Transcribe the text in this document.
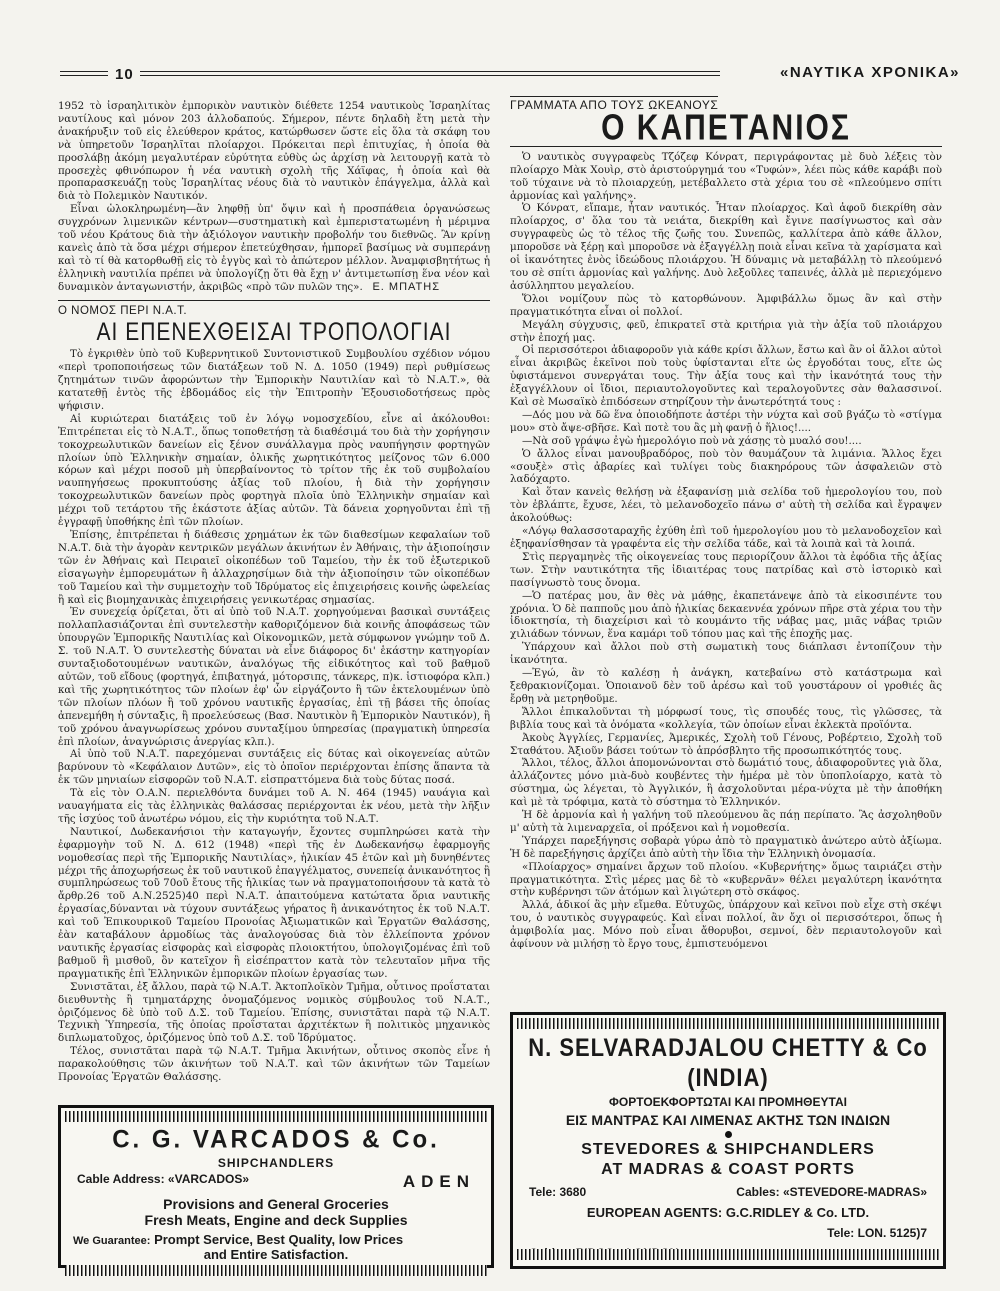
10	«ΝΑΥΤΙΚΑ ΧΡΟΝΙΚΑ»

1952 τὸ ἰσραηλιτικὸν ἐμπορικὸν ναυτικὸν διέθετε 1254 ναυτικοὺς Ἰσραηλίτας ναυτίλους καὶ μόνον 203 ἀλλοδαπούς. Σήμερον, πέντε δηλαδὴ ἔτη μετὰ τὴν ἀνακήρυξιν τοῦ εἰς ἐλεύθερον κράτος, κατώρθωσεν ὥστε εἰς ὅλα τὰ σκάφη του νὰ ὑπηρετοῦν Ἰσραηλῖται πλοίαρχοι. Πρόκειται περὶ ἐπιτυχίας, ἡ ὁποία θὰ προσλάβῃ ἀκόμη μεγαλυτέραν εὐρύτητα εὐθὺς ὡς ἀρχίσῃ νὰ λειτουργῇ κατὰ τὸ προσεχὲς φθινόπωρον ἡ νέα ναυτικὴ σχολὴ τῆς Χάϊφας, ἡ ὁποία καὶ θὰ προπαρασκευάζῃ τοὺς Ἰσραηλίτας νέους διὰ τὸ ναυτικὸν ἐπάγγελμα, ἀλλὰ καὶ διὰ τὸ Πολεμικὸν Ναυτικόν.

Εἶναι ὡλοκληρωμένη—ἂν ληφθῇ ὑπ' ὄψιν καὶ ἡ προσπάθεια ὀργανώσεως συγχρόνων λιμενικῶν κέντρων—συστηματικὴ καὶ ἐμπεριστατωμένη ἡ μέριμνα τοῦ νέου Κράτους διὰ τὴν ἀξιόλογον ναυτικὴν προβολήν του διεθνῶς. Ἂν κρίνῃ κανεὶς ἀπὸ τὰ ὅσα μέχρι σήμερον ἐπετεύχθησαν, ἠμπορεῖ βασίμως νὰ συμπεράνῃ καὶ τὸ τί θὰ κατορθωθῇ εἰς τὸ ἐγγὺς καὶ τὸ ἀπώτερον μέλλον. Ἀναμφισβητήτως ἡ ἑλληνικὴ ναυτιλία πρέπει νὰ ὑπολογίζῃ ὅτι θὰ ἔχῃ ν' ἀντιμετωπίσῃ ἕνα νέον καὶ δυναμικὸν ἀνταγωνιστήν, ἀκριβῶς «πρὸ τῶν πυλῶν της». Ε. ΜΠΑΤΗΣ

Ο ΝΟΜΟΣ ΠΕΡΙ Ν.Α.Τ.

ΑΙ ΕΠΕΝΕΧΘΕΙΣΑΙ ΤΡΟΠΟΛΟΓΙΑΙ

Τὸ ἐγκριθὲν ὑπὸ τοῦ Κυβερνητικοῦ Συντονιστικοῦ Συμβουλίου σχέδιον νόμου «περὶ τροποποιήσεως τῶν διατάξεων τοῦ Ν. Δ. 1050 (1949) περὶ ρυθμίσεως ζητημάτων τινῶν ἀφορώντων τὴν Ἐμπορικὴν Ναυτιλίαν καὶ τὸ Ν.Α.Τ.», θὰ κατατεθῇ ἐντὸς τῆς ἑβδομάδος εἰς τὴν Ἐπιτροπὴν Ἐξουσιοδοτήσεως πρὸς ψήφισιν.

Αἱ κυριώτεραι διατάξεις τοῦ ἐν λόγῳ νομοσχεδίου, εἶνε αἱ ἀκόλουθοι: Ἐπιτρέπεται εἰς τὸ Ν.Α.Τ., ὅπως τοποθετήσῃ τὰ διαθέσιμά του διὰ τὴν χορήγησιν τοκοχρεωλυτικῶν δανείων εἰς ξένον συνάλλαγμα πρὸς ναυπήγησιν φορτηγῶν πλοίων ὑπὸ Ἑλληνικὴν σημαίαν, ὁλικῆς χωρητικότητος μείζονος τῶν 6.000 κόρων καὶ μέχρι ποσοῦ μὴ ὑπερβαίνοντος τὸ τρίτον τῆς ἐκ τοῦ συμβολαίου ναυπηγήσεως προκυπτούσης ἀξίας τοῦ πλοίου, ἡ διὰ τὴν χορήγησιν τοκοχρεωλυτικῶν δανείων πρὸς φορτηγὰ πλοῖα ὑπὸ Ἑλληνικὴν σημαίαν καὶ μέχρι τοῦ τετάρτου τῆς ἑκάστοτε ἀξίας αὐτῶν. Τὰ δάνεια χορηγοῦνται ἐπὶ τῇ ἐγγραφῇ ὑποθήκης ἐπὶ τῶν πλοίων.

Ἐπίσης, ἐπιτρέπεται ἡ διάθεσις χρημάτων ἐκ τῶν διαθεσίμων κεφαλαίων τοῦ Ν.Α.Τ. διὰ τὴν ἀγορὰν κεντρικῶν μεγάλων ἀκινήτων ἐν Ἀθήναις, τὴν ἀξιοποίησιν τῶν ἐν Ἀθήναις καὶ Πειραιεῖ οἰκοπέδων τοῦ Ταμείου, τὴν ἐκ τοῦ ἐξωτερικοῦ εἰσαγωγὴν ἐμπορευμάτων ἢ ἀλλαχρησίμων διὰ τὴν ἀξιοποίησιν τῶν οἰκοπέδων τοῦ Ταμείου καὶ τὴν συμμετοχὴν τοῦ Ἱδρύματος εἰς ἐπιχειρήσεις κοινῆς ὠφελείας ἢ καὶ εἰς βιομηχανικὰς ἐπιχειρήσεις γενικωτέρας σημασίας.

Ἐν συνεχείᾳ ὁρίζεται, ὅτι αἱ ὑπὸ τοῦ Ν.Α.Τ. χορηγούμεναι βασικαὶ συντάξεις πολλαπλασιάζονται ἐπὶ συντελεστὴν καθοριζόμενον διὰ κοινῆς ἀποφάσεως τῶν ὑπουργῶν Ἐμπορικῆς Ναυτιλίας καὶ Οἰκονομικῶν, μετὰ σύμφωνον γνώμην τοῦ Δ. Σ. τοῦ Ν.Α.Τ. Ὁ συντελεστὴς δύναται νὰ εἶνε διάφορος δι' ἑκάστην κατηγορίαν συνταξιοδοτουμένων ναυτικῶν, ἀναλόγως τῆς εἰδικότητος καὶ τοῦ βαθμοῦ αὐτῶν, τοῦ εἴδους (φορτηγά, ἐπιβατηγά, μότορσιπς, τάνκερς, π)κ. ἱστιοφόρα κλπ.) καὶ τῆς χωρητικότητος τῶν πλοίων ἐφ' ὧν εἰργάζοντο ἢ τῶν ἐκτελουμένων ὑπὸ τῶν πλοίων πλόων ἢ τοῦ χρόνου ναυτικῆς ἐργασίας, ἐπὶ τῇ βάσει τῆς ὁποίας ἀπενεμήθη ἡ σύνταξις, ἢ προελεύσεως (Βασ. Ναυτικὸν ἢ Ἐμπορικὸν Ναυτικόν), ἢ τοῦ χρόνου ἀναγνωρίσεως χρόνου συνταξίμου ὑπηρεσίας (πραγματικὴ ὑπηρεσία ἐπὶ πλοίων, ἀναγνώρισις ἀνεργίας κλπ.).

Αἱ ὑπὸ τοῦ Ν.Α.Τ. παρεχόμεναι συντάξεις εἰς δύτας καὶ οἰκογενείας αὐτῶν βαρύνουν τὸ «Κεφάλαιον Δυτῶν», εἰς τὸ ὁποῖον περιέρχονται ἐπίσης ἅπαντα τὰ ἐκ τῶν μηνιαίων εἰσφορῶν τοῦ Ν.Α.Τ. εἰσπραττόμενα διὰ τοὺς δύτας ποσά.

Τὰ εἰς τὸν Ο.Α.Ν. περιελθόντα δυνάμει τοῦ Α. Ν. 464 (1945) ναυάγια καὶ ναυαγήματα εἰς τὰς ἑλληνικὰς θαλάσσας περιέρχονται ἐκ νέου, μετὰ τὴν λῆξιν τῆς ἰσχύος τοῦ ἀνωτέρω νόμου, εἰς τὴν κυριότητα τοῦ Ν.Α.Τ.

Ναυτικοί, Δωδεκανήσιοι τὴν καταγωγήν, ἔχοντες συμπληρώσει κατὰ τὴν ἐφαρμογὴν τοῦ Ν. Δ. 612 (1948) «περὶ τῆς ἐν Δωδεκανήσῳ ἐφαρμογῆς νομοθεσίας περὶ τῆς Ἐμπορικῆς Ναυτιλίας», ἡλικίαν 45 ἐτῶν καὶ μὴ δυνηθέντες μέχρι τῆς ἀποχωρήσεως ἐκ τοῦ ναυτικοῦ ἐπαγγέλματος, συνεπείᾳ ἀνικανότητος ἢ συμπληρώσεως τοῦ 70οῦ ἔτους τῆς ἡλικίας των νὰ πραγματοποιήσουν τὰ κατὰ τὸ ἄρθρ.26 τοῦ Α.Ν.2525)40 περὶ Ν.Α.Τ. ἀπαιτούμενα κατώτατα ὅρια ναυτικῆς ἐργασίας,δύνανται νὰ τύχουν συντάξεως γήρατος ἢ ἀνικανότητος ἐκ τοῦ Ν.Α.Τ. καὶ τοῦ Ἐπικουρικοῦ Ταμείου Προνοίας Ἀξιωματικῶν καὶ Ἐργατῶν Θαλάσσης, ἐὰν καταβάλουν ἁρμοδίως τὰς ἀναλογούσας διὰ τὸν ἐλλείποντα χρόνον ναυτικῆς ἐργασίας εἰσφορὰς καὶ εἰσφορὰς πλοιοκτήτου, ὑπολογιζομένας ἐπὶ τοῦ βαθμοῦ ἢ μισθοῦ, ὃν κατεῖχον ἢ εἰσέπραττον κατὰ τὸν τελευταῖον μῆνα τῆς πραγματικῆς ἐπὶ Ἑλληνικῶν ἐμπορικῶν πλοίων ἐργασίας των.

Συνιστᾶται, ἐξ ἄλλου, παρὰ τῷ Ν.Α.Τ. Ἀκτοπλοϊκὸν Τμῆμα, οὗτινος προΐσταται διευθυντὴς ἢ τμηματάρχης ὀνομαζόμενος νομικὸς σύμβουλος τοῦ Ν.Α.Τ., ὁριζόμενος δὲ ὑπὸ τοῦ Δ.Σ. τοῦ Ταμείου. Ἐπίσης, συνιστᾶται παρὰ τῷ Ν.Α.Τ. Τεχνικὴ Ὑπηρεσία, τῆς ὁποίας προΐσταται ἀρχιτέκτων ἢ πολιτικὸς μηχανικὸς διπλωματοῦχος, ὁριζόμενος ὑπὸ τοῦ Δ.Σ. τοῦ Ἱδρύματος.

Τέλος, συνιστᾶται παρὰ τῷ Ν.Α.Τ. Τμῆμα Ἀκινήτων, οὗτινος σκοπὸς εἶνε ἡ παρακολούθησις τῶν ἀκινήτων τοῦ Ν.Α.Τ. καὶ τῶν ἀκινήτων τῶν Ταμείων Προνοίας Ἐργατῶν Θαλάσσης.

ΓΡΑΜΜΑΤΑ ΑΠΟ ΤΟΥΣ ΩΚΕΑΝΟΥΣ

Ο ΚΑΠΕΤΑΝΙΟΣ

Ὁ ναυτικὸς συγγραφεὺς Τζόζεφ Κόνρατ, περιγράφοντας μὲ δυὸ λέξεις τὸν πλοίαρχο Μὰκ Χουὶρ, στὸ ἀριστούργημά του «Τυφών», λέει πὼς κάθε καράβι ποὺ τοῦ τύχαινε νὰ τὸ πλοιαρχεύῃ, μετέβαλλετο στὰ χέρια του σὲ «πλεούμενο σπίτι ἁρμονίας καὶ γαλήνης».

Ὁ Κόνρατ, εἴπαμε, ἦταν ναυτικός. Ἦταν πλοίαρχος. Καὶ ἀφοῦ διεκρίθη σὰν πλοίαρχος, σ' ὅλα του τὰ νειάτα, διεκρίθη καὶ ἔγινε πασίγνωστος καὶ σὰν συγγραφεὺς ὡς τὸ τέλος τῆς ζωῆς του. Συνεπῶς, καλλίτερα ἀπὸ κάθε ἄλλον, μποροῦσε νὰ ξέρῃ καὶ μποροῦσε νὰ ἐξαγγέλλῃ ποιὰ εἶναι κεῖνα τὰ χαρίσματα καὶ οἱ ἱκανότητες ἑνὸς ἰδεώδους πλοιάρχου. Ἡ δύναμις νὰ μεταβάλλῃ τὸ πλεούμενό του σὲ σπίτι ἁρμονίας καὶ γαλήνης. Δυὸ λεξοῦλες ταπεινές, ἀλλὰ μὲ περιεχόμενο ἀσύλληπτου μεγαλείου.

Ὅλοι νομίζουν πὼς τὸ κατορθώνουν. Ἀμφιβάλλω ὅμως ἂν καὶ στὴν πραγματικότητα εἶναι οἱ πολλοί.

Μεγάλη σύγχυσις, φεῦ, ἐπικρατεῖ στὰ κριτήρια γιὰ τὴν ἀξία τοῦ πλοιάρχου στὴν ἐποχή μας.

Οἱ περισσότεροι ἀδιαφοροῦν γιὰ κάθε κρίσι ἄλλων, ἔστω καὶ ἂν οἱ ἄλλοι αὐτοὶ εἶναι ἀκριβῶς ἐκεῖνοι ποὺ τοὺς ὑφίστανται εἴτε ὡς ἐργοδόται τους, εἴτε ὡς ὑφιστάμενοι συνεργάται τους. Τὴν ἀξία τους καὶ τὴν ἱκανότητά τους τὴν ἐξαγγέλλουν οἱ ἴδιοι, περιαυτολογοῦντες καὶ τεραλογοῦντες σὰν θαλασσινοί. Καὶ σὲ Μωσαϊκὸ ἐπιδόσεων στηρίζουν τὴν ἀνωτερότητά τους :

—Δός μου νὰ δῶ ἕνα ὁποιοδήποτε ἀστέρι τὴν νύχτα καὶ σοῦ βγάζω τὸ «στίγμα μου» στὸ ἄψε-σβῆσε. Καὶ ποτὲ του ἂς μὴ φανῇ ὁ ἥλιος!....

—Νὰ σοῦ γράψω ἐγὼ ἡμερολόγιο ποὺ νὰ χάσῃς τὸ μυαλό σου!....

Ὁ ἄλλος εἶναι μανουβραδόρος, ποὺ τὸν θαυμάζουν τὰ λιμάνια. Ἄλλος ἔχει «σουξὲ» στὶς ἀβαρίες καὶ τυλίγει τοὺς διακηρόρους τῶν ἀσφαλειῶν στὸ λαδόχαρτο.

Καὶ ὅταν κανεὶς θελήσῃ νὰ ἐξαφανίσῃ μιὰ σελίδα τοῦ ἡμερολογίου του, ποὺ τὸν ἐβλάπτε, ἔχυσε, λέει, τὸ μελανοδοχεῖο πάνω σ' αὐτὴ τὴ σελίδα καὶ ἔγραψεν ἀκολούθως:

«Λόγῳ θαλασσοταραχῆς ἐχύθη ἐπὶ τοῦ ἡμερολογίου μου τὸ μελανοδοχεῖον καὶ ἐξηφανίσθησαν τὰ γραφέντα εἰς τὴν σελίδα τάδε, καὶ τὰ λοιπὰ καὶ τὰ λοιπά.

Στὶς περγαμηνὲς τῆς οἰκογενείας τους περιορίζουν ἄλλοι τὰ ἐφόδια τῆς ἀξίας των. Στὴν ναυτικότητα τῆς ἰδιαιτέρας τους πατρίδας καὶ στὸ ἱστορικὸ καὶ πασίγνωστὸ τους ὄνομα.

—Ὁ πατέρας μου, ἂν θὲς νὰ μάθῃς, ἐκαπετάνεψε ἀπὸ τὰ εἰκοσιπέντε του χρόνια. Ὁ δὲ παπποῦς μου ἀπὸ ἡλικίας δεκαεννέα χρόνων πῆρε στὰ χέρια του τὴν ἰδιοκτησία, τὴ διαχείρισι καὶ τὸ κουμάντο τῆς νάβας μας, μιᾶς νάβας τριῶν χιλιάδων τόννων, ἕνα καμάρι τοῦ τόπου μας καὶ τῆς ἐποχῆς μας.

Ὑπάρχουν καὶ ἄλλοι ποὺ στὴ σωματικὴ τους διάπλασι ἐντοπίζουν τὴν ἱκανότητα.

—Ἐγώ, ἂν τὸ καλέσῃ ἡ ἀνάγκη, κατεβαίνω στὸ κατάστρωμα καὶ ξεθρακιονίζομαι. Ὁποιανοῦ δὲν τοῦ ἀρέσω καὶ τοῦ γουστάρουν οἱ γροθιές ἂς ἔρθῃ νὰ μετρηθοῦμε.

Ἄλλοι ἐπικαλοῦνται τὴ μόρφωσί τους, τὶς σπουδές τους, τὶς γλῶσσες, τὰ βιβλία τους καὶ τὰ ὀνόματα «κολλεγία, τῶν ὁποίων εἶναι ἐκλεκτὰ προϊόντα.

Ἀκοὺς Ἀγγλίες, Γερμανίες, Ἀμερικές, Σχολὴ τοῦ Γένους, Ροβέρτειο, Σχολὴ τοῦ Σταθάτου. Ἀξιοῦν βάσει τούτων τὸ ἀπρόσβλητο τῆς προσωπικότητός τους.

Ἄλλοι, τέλος, ἄλλοι ἀπομονώνονται στὸ δωμάτιό τους, ἀδιαφοροῦντες γιὰ ὅλα, ἀλλάζοντες μόνο μιὰ-δυὸ κουβέντες τὴν ἡμέρα μὲ τὸν ὑποπλοίαρχο, κατὰ τὸ σύστημα, ὡς λέγεται, τὸ Ἀγγλικόν, ἢ ἀσχολοῦνται μέρα-νύχτα μὲ τὴν ἀποθήκη καὶ μὲ τὰ τρόφιμα, κατὰ τὸ σύστημα τὸ Ἑλληνικόν.

Ἡ δὲ ἁρμονία καὶ ἡ γαλήνη τοῦ πλεούμενου ἂς πάῃ περίπατο. Ἂς ἀσχοληθοῦν μ' αὐτὴ τὰ λιμεναρχεῖα, οἱ πρόξενοι καὶ ἡ νομοθεσία.

Ὑπάρχει παρεξήγησις σοβαρὰ γύρω ἀπὸ τὸ πραγματικὸ ἀνώτερο αὐτὸ ἀξίωμα. Ἡ δὲ παρεξήγησις ἀρχίζει ἀπὸ αὐτὴ τὴν ἴδια τὴν Ἑλληνικὴ ὀνομασία.

«Πλοίαρχος» σημαίνει ἄρχων τοῦ πλοίου. «Κυβερνήτης» ὅμως ταιριάζει στὴν πραγματικότητα. Στὶς μέρες μας δὲ τὸ «κυβερνᾶν» θέλει μεγαλύτερη ἱκανότητα στὴν κυβέρνησι τῶν ἀτόμων καὶ λιγώτερη στὸ σκάφος.

Ἀλλά, ἀδικοί ἂς μὴν εἴμεθα. Εὐτυχῶς, ὑπάρχουν καὶ κεῖνοι ποὺ εἶχε στὴ σκέψι του, ὁ ναυτικὸς συγγραφεύς. Καὶ εἶναι πολλοί, ἂν ὄχι οἱ περισσότεροι, ὅπως ἡ ἀμφιβολία μας. Μόνο ποὺ εἶναι ἄθορυβοι, σεμνοί, δὲν περιαυτολογοῦν καὶ ἀφίνουν νὰ μιλήσῃ τὸ ἔργο τους, ἐμπιστευόμενοι

C. G. VARCADOS & Co.
SHIPCHANDLERS
Cable Address: «VARCADOS»	ADEN
Provisions and General Groceries
Fresh Meats, Engine and deck Supplies
We Guarantee: Prompt Service, Best Quality, low Prices
and Entire Satisfaction.
N. SELVARADJALOU CHETTY & Co (INDIA)
ΦΟΡΤΟΕΚΦΟΡΤΩΤΑΙ ΚΑΙ ΠΡΟΜΗΘΕΥΤΑΙ
ΕΙΣ ΜΑΝΤΡΑΣ ΚΑΙ ΛΙΜΕΝΑΣ ΑΚΤΗΣ ΤΩΝ ΙΝΔΙΩΝ
STEVEDORES & SHIPCHANDLERS
AT MADRAS & COAST PORTS
Tele: 3680	Cables: «STEVEDORE-MADRAS»
EUROPEAN AGENTS: G.C.RIDLEY & Co. LTD.
Tele: LON. 5125)7
